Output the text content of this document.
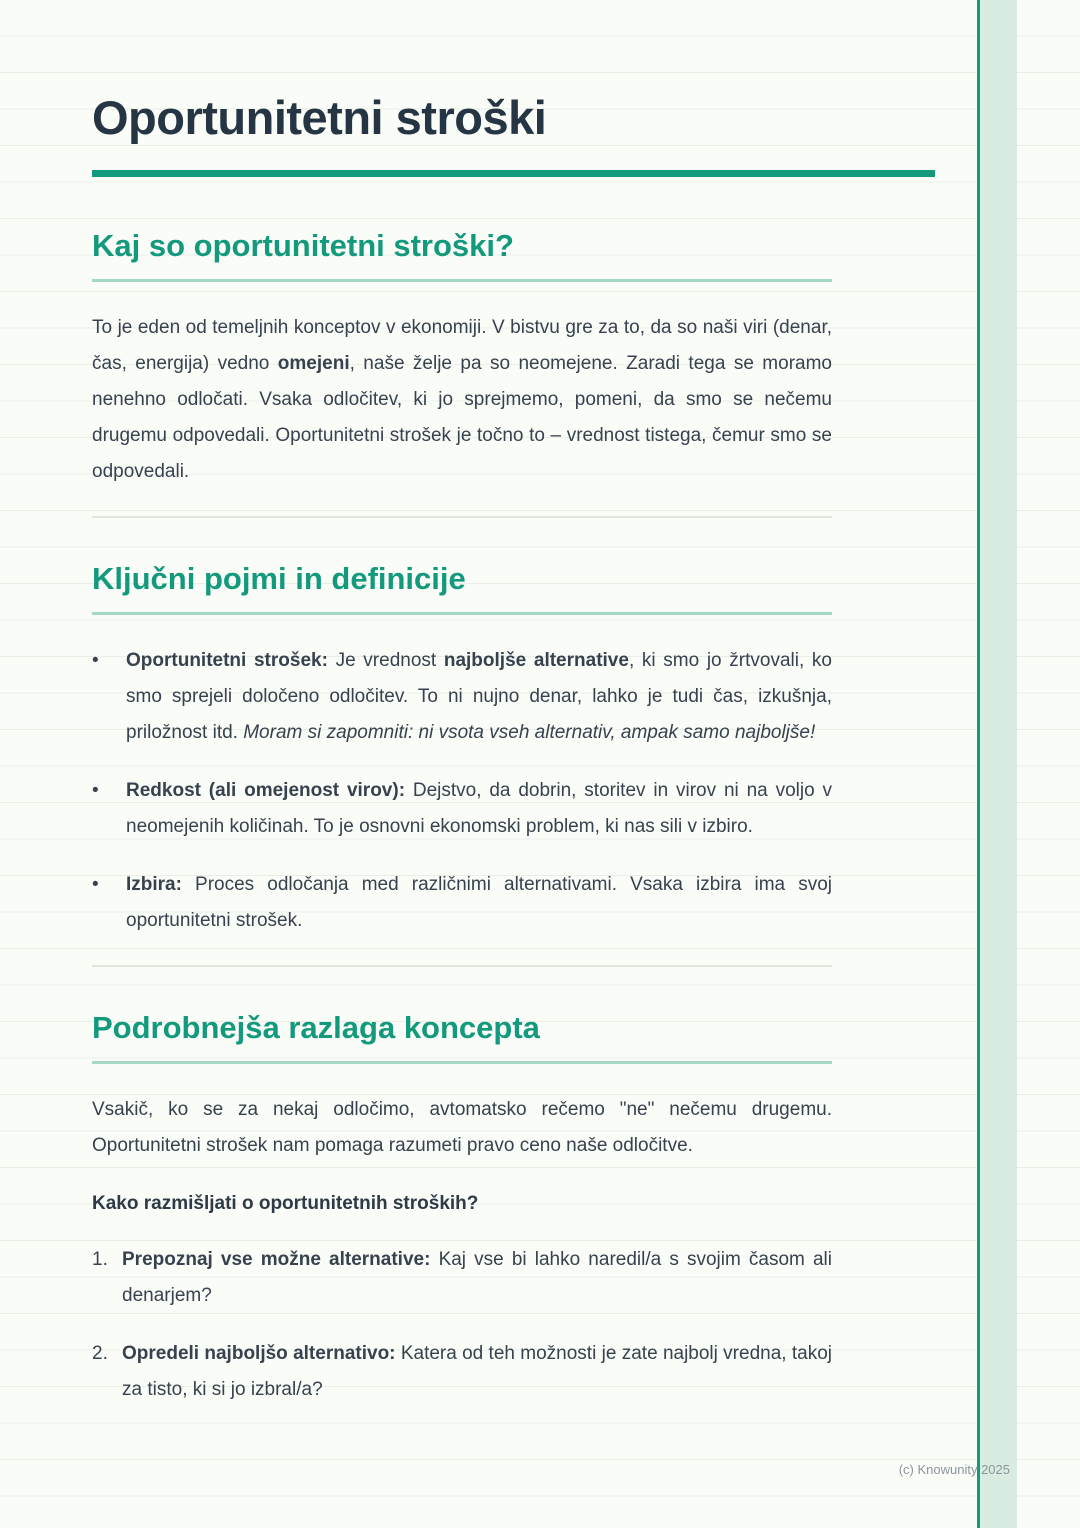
Oportunitetni stroški
Kaj so oportunitetni stroški?

To je eden od temeljnih konceptov v ekonomiji. V bistvu gre za to, da so naši viri (denar, čas, energija) vedno omejeni, naše želje pa so neomejene. Zaradi tega se moramo nenehno odločati. Vsaka odločitev, ki jo sprejmemo, pomeni, da smo se nečemu drugemu odpovedali. Oportunitetni strošek je točno to – vrednost tistega, čemur smo se odpovedali.

Ključni pojmi in definicije
•	Oportunitetni strošek: Je vrednost najboljše alternative, ki smo jo žrtvovali, ko smo sprejeli določeno odločitev. To ni nujno denar, lahko je tudi čas, izkušnja, priložnost itd. Moram si zapomniti: ni vsota vseh alternativ, ampak samo najboljše!
•	Redkost (ali omejenost virov): Dejstvo, da dobrin, storitev in virov ni na voljo v neomejenih količinah. To je osnovni ekonomski problem, ki nas sili v izbiro.
•	Izbira: Proces odločanja med različnimi alternativami. Vsaka izbira ima svoj oportunitetni strošek.
Podrobnejša razlaga koncepta

Vsakič, ko se za nekaj odločimo, avtomatsko rečemo "ne" nečemu drugemu. Oportunitetni strošek nam pomaga razumeti pravo ceno naše odločitve.

Kako razmišljati o oportunitetnih stroških?
1. Prepoznaj vse možne alternative: Kaj vse bi lahko naredil/a s svojim časom ali denarjem?
2. Opredeli najboljšo alternativo: Katera od teh možnosti je zate najbolj vredna, takoj za tisto, ki si jo izbral/a?
(c) Knowunity 2025
